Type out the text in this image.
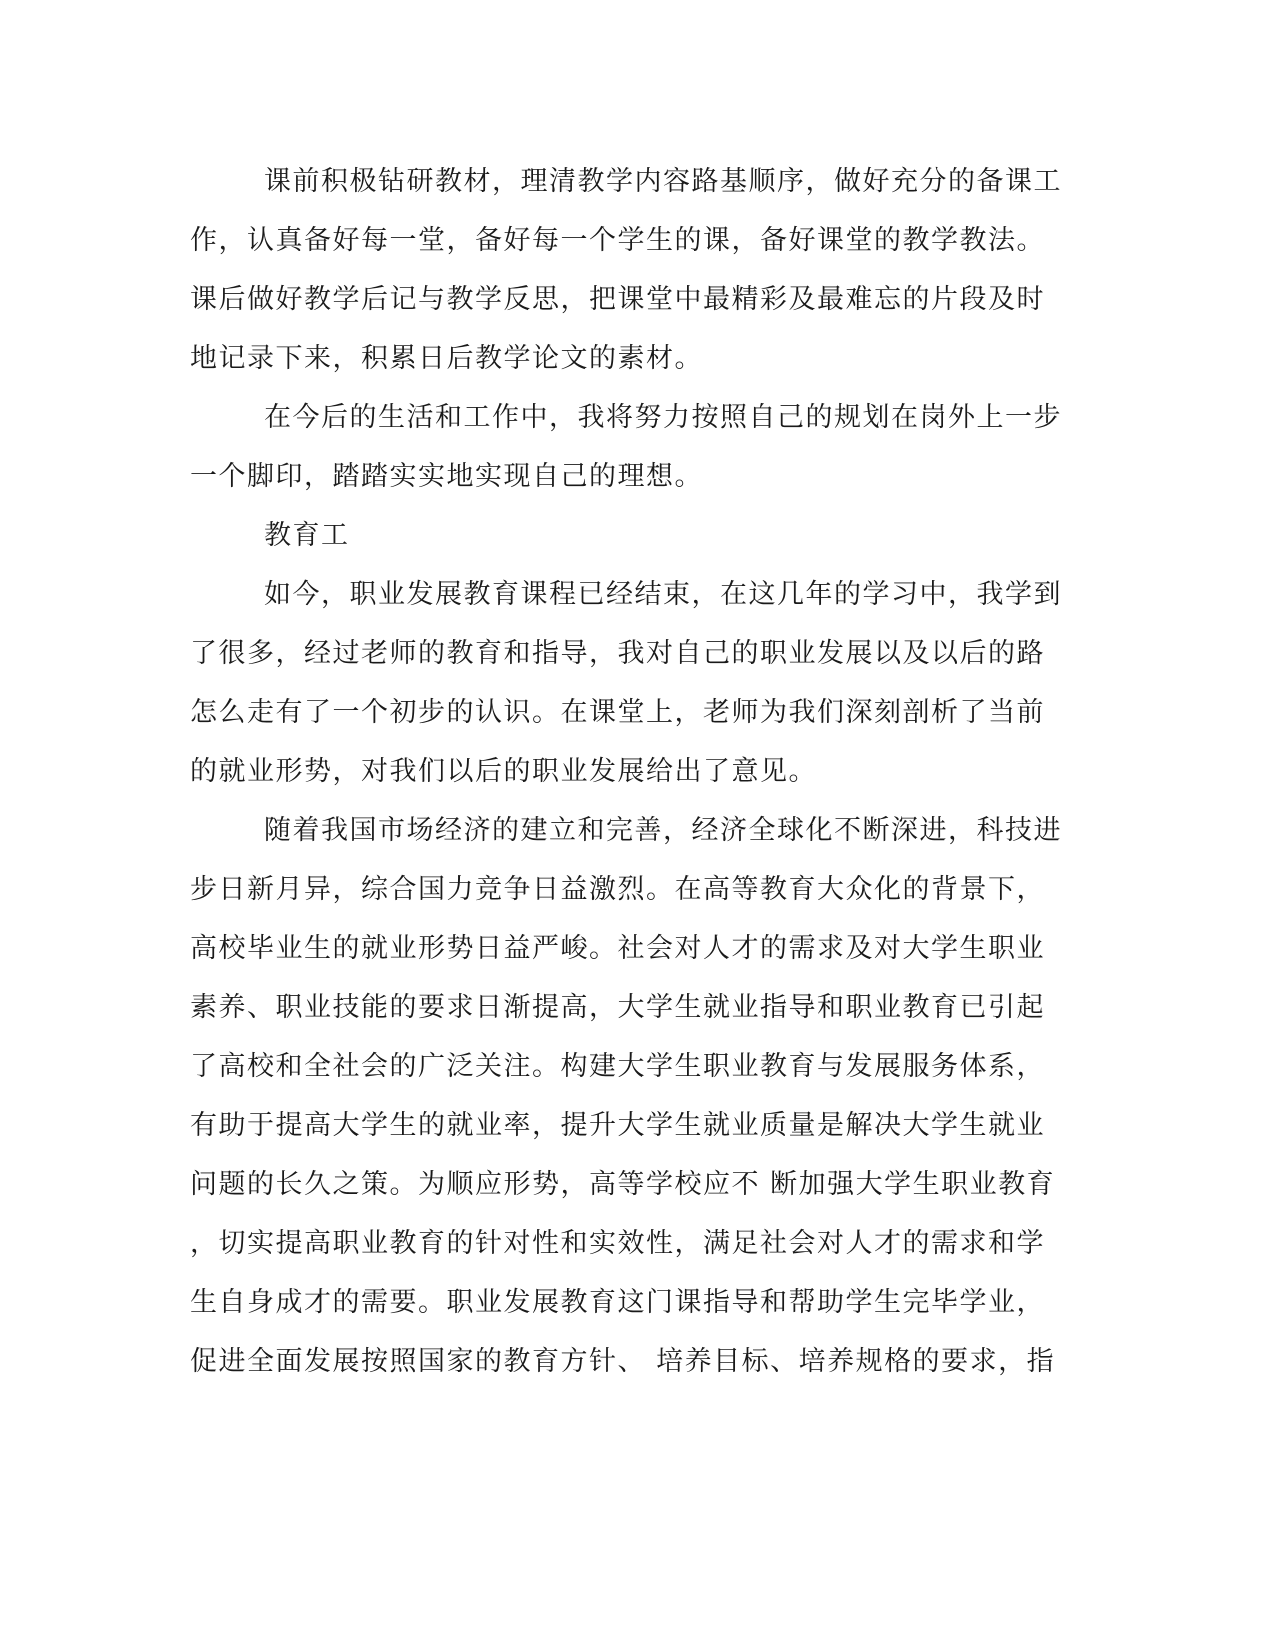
课前积极钻研教材，理清教学内容路基顺序，做好充分的备课工
作，认真备好每一堂，备好每一个学生的课，备好课堂的教学教法。
课后做好教学后记与教学反思，把课堂中最精彩及最难忘的片段及时
地记录下来，积累日后教学论文的素材。
在今后的生活和工作中，我将努力按照自己的规划在岗外上一步
一个脚印，踏踏实实地实现自己的理想。
教育工
如今，职业发展教育课程已经结束，在这几年的学习中，我学到
了很多，经过老师的教育和指导，我对自己的职业发展以及以后的路
怎么走有了一个初步的认识。在课堂上，老师为我们深刻剖析了当前
的就业形势，对我们以后的职业发展给出了意见。
随着我国市场经济的建立和完善，经济全球化不断深进，科技进
步日新月异，综合国力竞争日益激烈。在高等教育大众化的背景下，
高校毕业生的就业形势日益严峻。社会对人才的需求及对大学生职业
素养、职业技能的要求日渐提高，大学生就业指导和职业教育已引起
了高校和全社会的广泛关注。构建大学生职业教育与发展服务体系，
有助于提高大学生的就业率，提升大学生就业质量是解决大学生就业
问题的长久之策。为顺应形势，高等学校应不 断加强大学生职业教育
，切实提高职业教育的针对性和实效性，满足社会对人才的需求和学
生自身成才的需要。职业发展教育这门课指导和帮助学生完毕学业，
促进全面发展按照国家的教育方针、 培养目标、培养规格的要求，指
